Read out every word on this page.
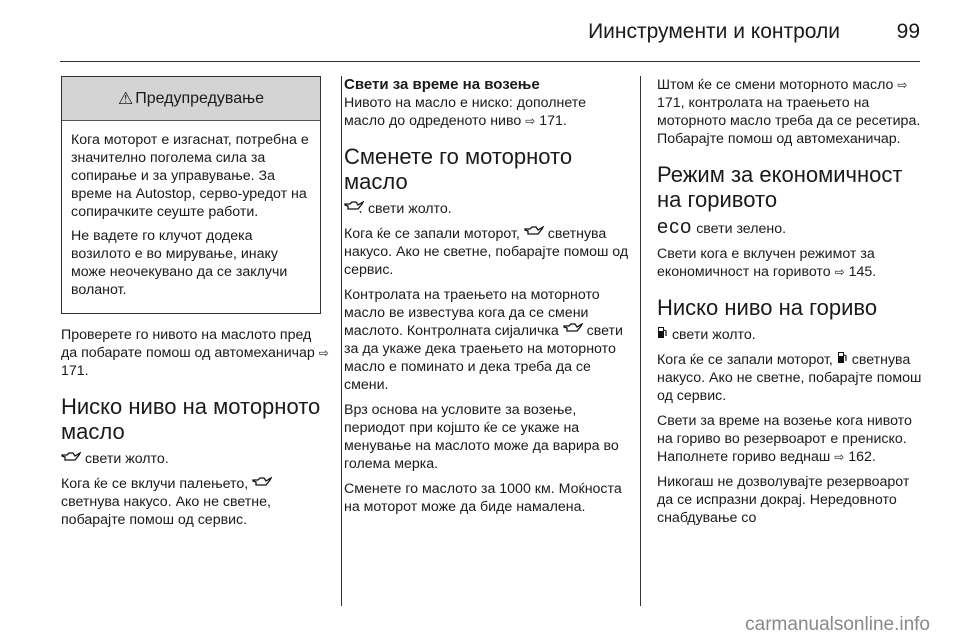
Иинструменти и контроли	99
⚠ Предупредување

Кога моторот е изгаснат, потребна е значително поголема сила за сопирање и за управување. За време на Autostop, серво-уредот на сопирачките сеуште работи.

Не вадете го клучот додека возилото е во мирување, инаку може неочекувано да се заклучи воланот.

Проверете го нивото на маслото пред да побарате помош од автомеханичар ⇨ 171.

Ниско ниво на моторното масло

свети жолто.

Кога ќе се вклучи палењето,  светнува накусо. Ако не светне, побарајте помош од сервис.

Свети за време на возење

Нивото на масло е ниско: дополнете масло до одреденото ниво ⇨ 171.

Сменете го моторното масло

свети жолто.

Кога ќе се запали моторот, светнува накусо. Ако не светне, побарајте помош од сервис.

Контролата на траењето на моторното масло ве известува кога да се смени маслото. Контролната сијаличка свети за да укаже дека траењето на моторното масло е поминато и дека треба да се смени.

Врз основа на условите за возење, периодот при којшто ќе се укаже на менување на маслото може да варира во голема мерка.

Сменете го маслото за 1000 км. Моќноста на моторот може да биде намалена.

Штом ќе се смени моторното масло ⇨ 171, контролата на траењето на моторното масло треба да се ресетира. Побарајте помош од автомеханичар.

Режим за економичност на горивото

eco свети зелено.

Свети кога е вклучен режимот за економичност на горивото ⇨ 145.

Ниско ниво на гориво

свети жолто.

Кога ќе се запали моторот, светнува накусо. Ако не светне, побарајте помош од сервис.

Свети за време на возење кога нивото на гориво во резервоарот е прениско. Наполнете гориво веднаш ⇨ 162.

Никогаш не дозволувајте резервоарот да се испразни докрај. Нередовното снабдување со

carmanualsonline.info
